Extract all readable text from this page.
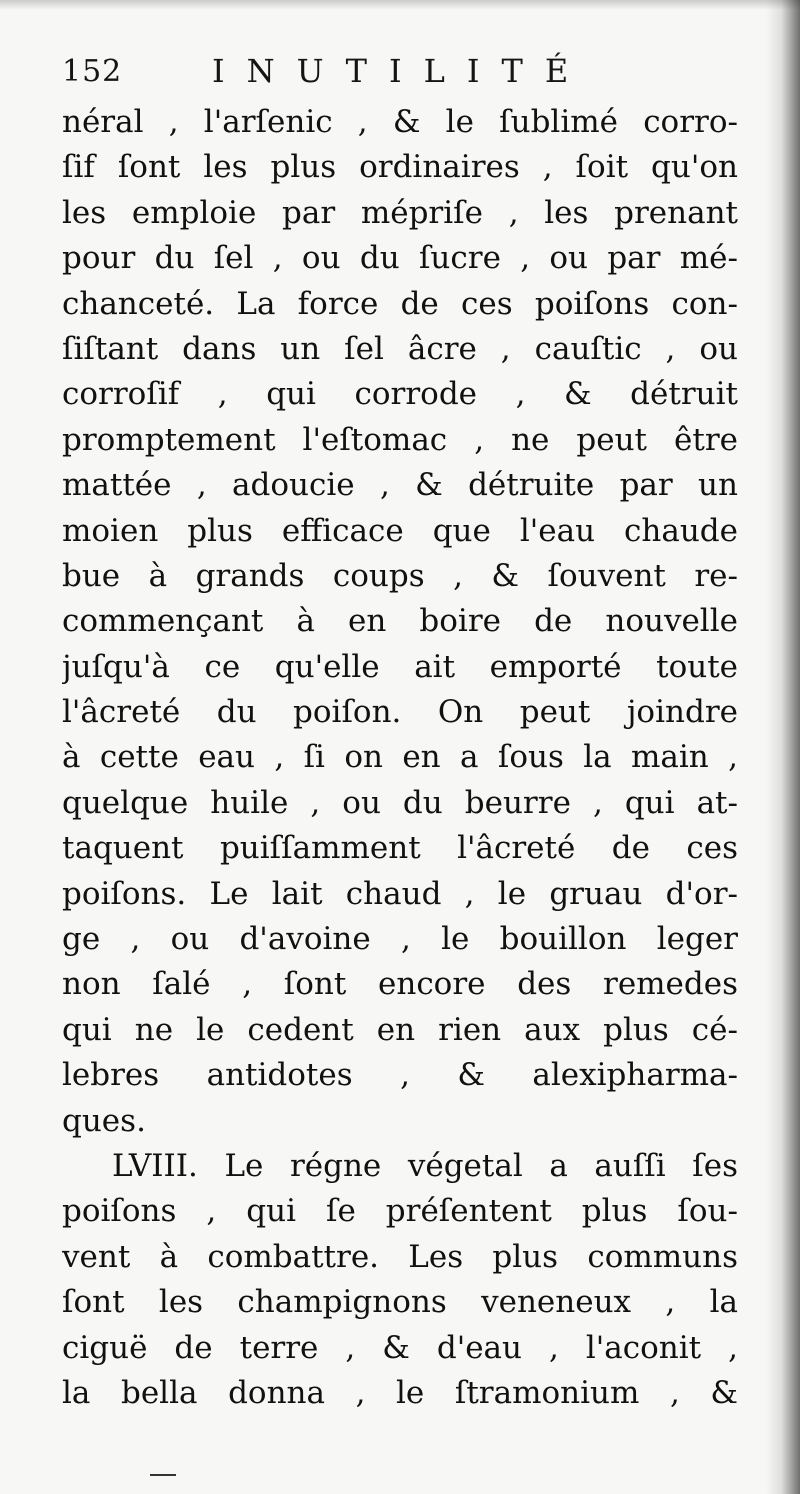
152	INUTILITÉ
néral , l'arſenic , & le ſublimé corro-
ſif ſont les plus ordinaires , ſoit qu'on
les emploie par mépriſe , les prenant
pour du ſel , ou du ſucre , ou par mé-
chanceté. La force de ces poiſons con-
ſiſtant dans un ſel âcre , cauſtic , ou
corroſif , qui corrode , & détruit
promptement l'eſtomac , ne peut être
mattée , adoucie , & détruite par un
moien plus efficace que l'eau chaude
bue à grands coups , & ſouvent re-
commençant à en boire de nouvelle
juſqu'à ce qu'elle ait emporté toute
l'âcreté du poiſon. On peut joindre
à cette eau , ſi on en a ſous la main ,
quelque huile , ou du beurre , qui at-
taquent puiſſamment l'âcreté de ces
poiſons. Le lait chaud , le gruau d'or-
ge , ou d'avoine , le bouillon leger
non ſalé , ſont encore des remedes
qui ne le cedent en rien aux plus cé-
lebres antidotes , & alexipharma-
ques.
LVIII. Le régne végetal a auſſi ſes
poiſons , qui ſe préſentent plus ſou-
vent à combattre. Les plus communs
ſont les champignons veneneux , la
ciguë de terre , & d'eau , l'aconit ,
la bella donna , le ſtramonium , &
